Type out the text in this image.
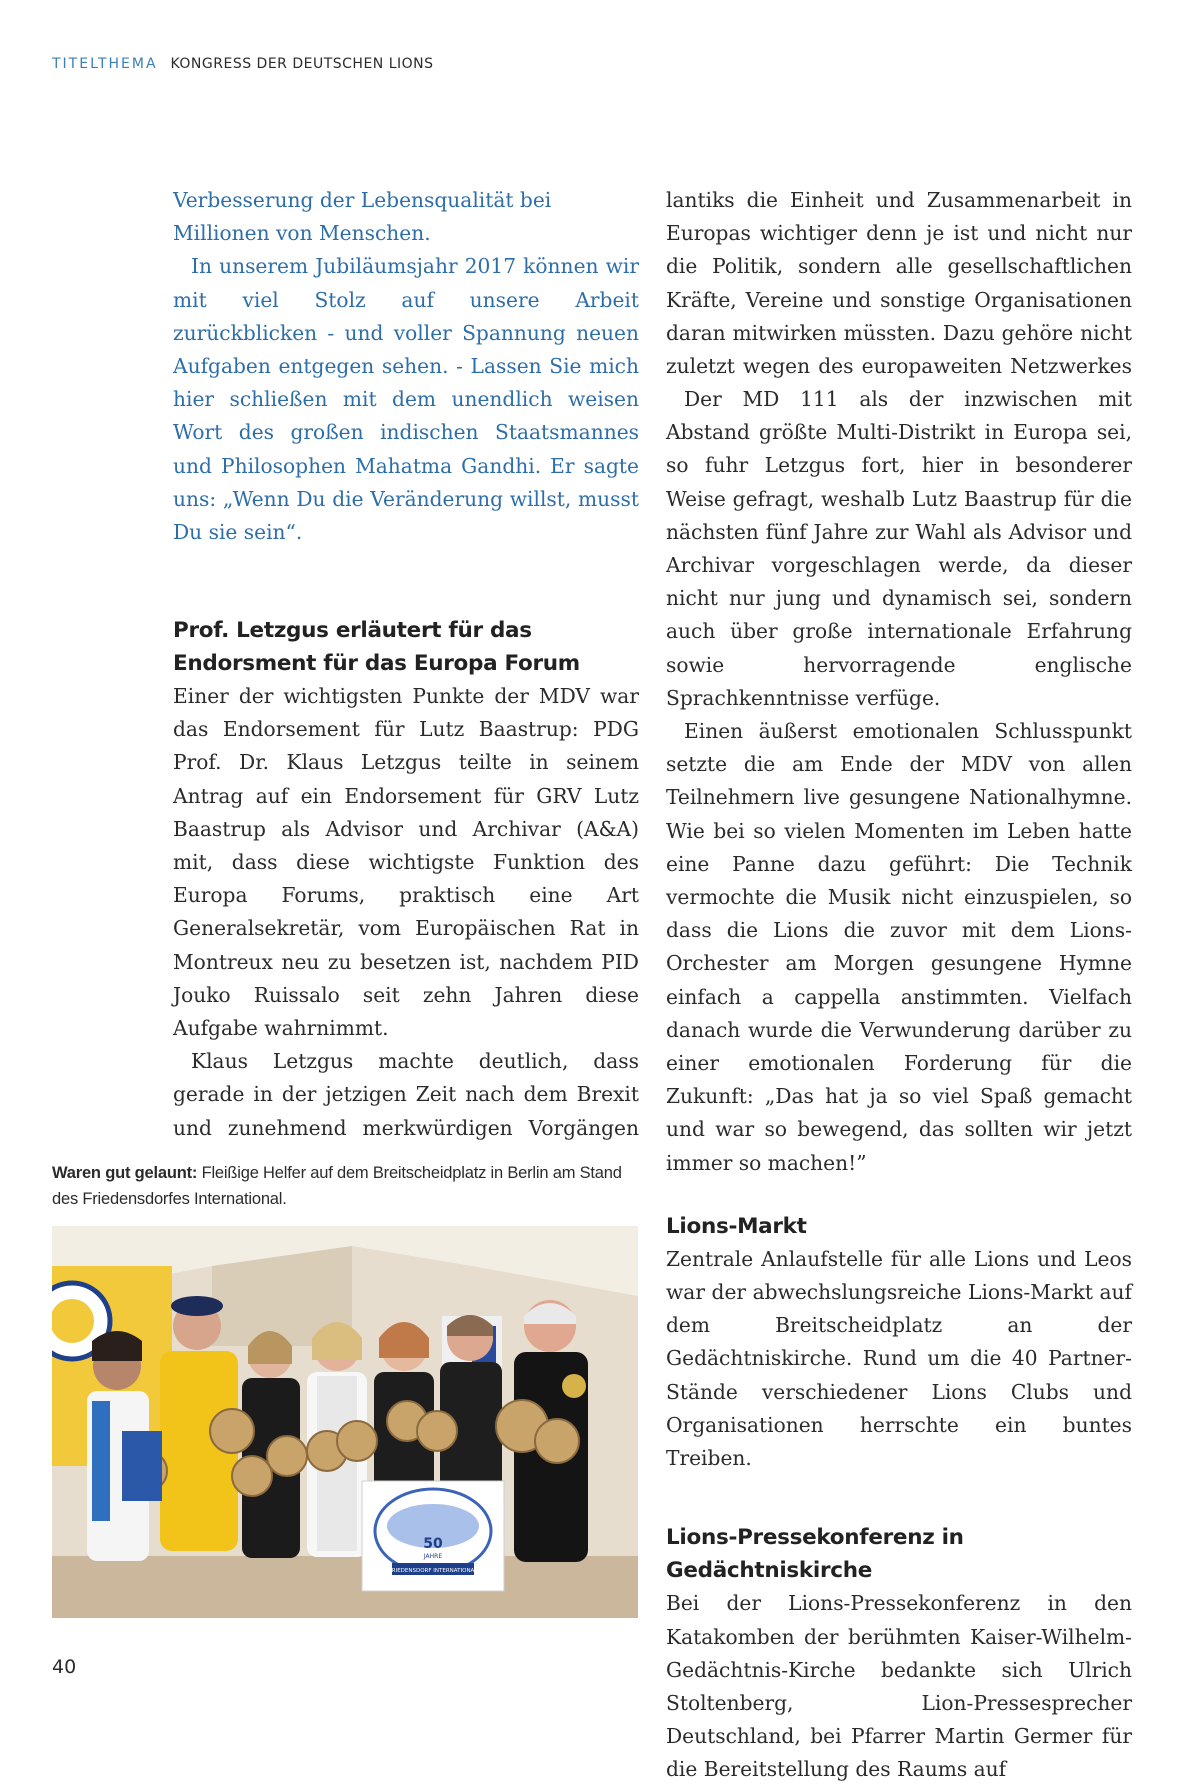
TITELTHEMA KONGRESS DER DEUTSCHEN LIONS

Verbesserung der Lebensqualität bei Millionen von Menschen.

In unserem Jubiläumsjahr 2017 können wir mit viel Stolz auf unsere Arbeit zurückblicken - und voller Spannung neuen Aufgaben entgegen sehen. - Lassen Sie mich hier schließen mit dem unendlich weisen Wort des großen indischen Staatsmannes und Philosophen Mahatma Gandhi. Er sagte uns: „Wenn Du die Veränderung willst, musst Du sie sein“.

Prof. Letzgus erläutert für das
Endorsment für das Europa Forum

Einer der wichtigsten Punkte der MDV war das Endorsement für Lutz Baastrup: PDG Prof. Dr. Klaus Letzgus teilte in seinem Antrag auf ein Endorsement für GRV Lutz Baastrup als Advisor und Archivar (A&A) mit, dass diese wichtigste Funktion des Europa Forums, praktisch eine Art Generalsekretär, vom Europäischen Rat in Montreux neu zu besetzen ist, nachdem PID Jouko Ruissalo seit zehn Jahren diese Aufgabe wahrnimmt.

Klaus Letzgus machte deutlich, dass gerade in der jetzigen Zeit nach dem Brexit und zunehmend merkwürdigen Vorgängen

lantiks die Einheit und Zusammenarbeit in Europas wichtiger denn je ist und nicht nur die Politik, sondern alle gesellschaftlichen Kräfte, Vereine und sonstige Organisationen daran mitwirken müssten. Dazu gehöre nicht zuletzt wegen des europaweiten Netzwerkes

Der MD 111 als der inzwischen mit Abstand größte Multi-Distrikt in Europa sei, so fuhr Letzgus fort, hier in besonderer Weise gefragt, weshalb Lutz Baastrup für die nächsten fünf Jahre zur Wahl als Advisor und Archivar vorgeschlagen werde, da dieser nicht nur jung und dynamisch sei, sondern auch über große internationale Erfahrung sowie hervorragende englische Sprachkenntnisse verfüge.

Einen äußerst emotionalen Schlusspunkt setzte die am Ende der MDV von allen Teilnehmern live gesungene Nationalhymne. Wie bei so vielen Momenten im Leben hatte eine Panne dazu geführt: Die Technik vermochte die Musik nicht einzuspielen, so dass die Lions die zuvor mit dem Lions-Orchester am Morgen gesungene Hymne einfach a cappella anstimmten. Vielfach danach wurde die Verwunderung darüber zu einer emotionalen Forderung für die Zukunft: „Das hat ja so viel Spaß gemacht und war so bewegend, das sollten wir jetzt immer so machen!”

Lions-Markt

Zentrale Anlaufstelle für alle Lions und Leos war der abwechslungsreiche Lions-Markt auf dem Breitscheidplatz an der Gedächtniskirche. Rund um die 40 Partner-Stände verschiedener Lions Clubs und Organisationen herrschte ein buntes Treiben.

Lions-Pressekonferenz in Gedächtniskirche

Bei der Lions-Pressekonferenz in den Katakomben der berühmten Kaiser-Wilhelm-Gedächtnis-Kirche bedankte sich Ulrich Stoltenberg, Lion-Pressesprecher Deutschland, bei Pfarrer Martin Germer für die Bereitstellung des Raums auf

Waren gut gelaunt: Fleißige Helfer auf dem Breitscheidplatz in Berlin am Stand des Friedensdorfes International.
50
JAHRE
FRIEDENSDORF INTERNATIONAL
40
